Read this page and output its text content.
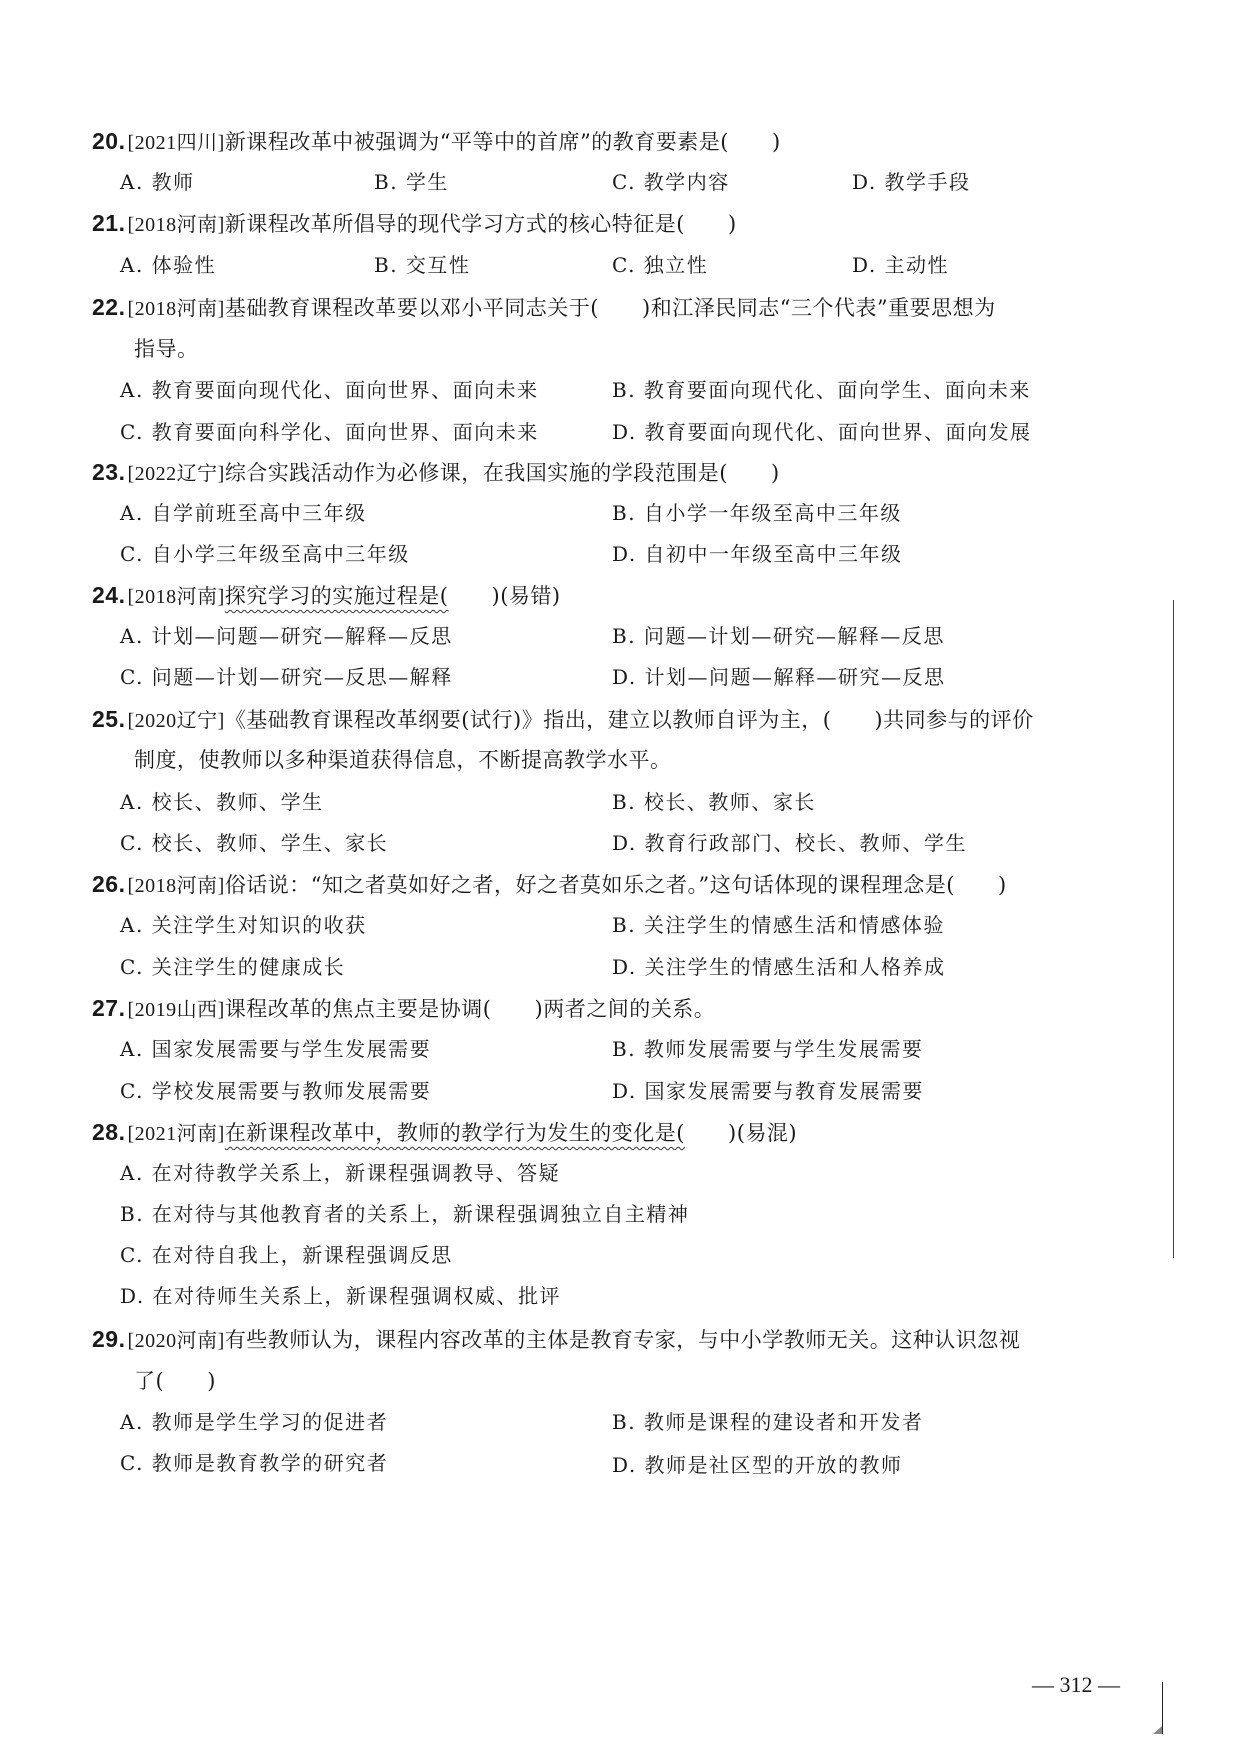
20. [2021四川]新课程改革中被强调为“平等中的首席”的教育要素是(　　)
A. 教师	B. 学生	C. 教学内容	D. 教学手段
21. [2018河南]新课程改革所倡导的现代学习方式的核心特征是(　　)
A. 体验性	B. 交互性	C. 独立性	D. 主动性
22. [2018河南]基础教育课程改革要以邓小平同志关于(　　)和江泽民同志“三个代表”重要思想为
指导。
A. 教育要面向现代化、面向世界、面向未来	B. 教育要面向现代化、面向学生、面向未来
C. 教育要面向科学化、面向世界、面向未来	D. 教育要面向现代化、面向世界、面向发展
23. [2022辽宁]综合实践活动作为必修课，在我国实施的学段范围是(　　)
A. 自学前班至高中三年级	B. 自小学一年级至高中三年级
C. 自小学三年级至高中三年级	D. 自初中一年级至高中三年级
24. [2018河南]探究学习的实施过程是(　　)(易错)
A. 计划—问题—研究—解释—反思	B. 问题—计划—研究—解释—反思
C. 问题—计划—研究—反思—解释	D. 计划—问题—解释—研究—反思
25. [2020辽宁]《基础教育课程改革纲要(试行)》指出，建立以教师自评为主，(　　)共同参与的评价
制度，使教师以多种渠道获得信息，不断提高教学水平。
A. 校长、教师、学生	B. 校长、教师、家长
C. 校长、教师、学生、家长	D. 教育行政部门、校长、教师、学生
26. [2018河南]俗话说：“知之者莫如好之者，好之者莫如乐之者。”这句话体现的课程理念是(　　)
A. 关注学生对知识的收获	B. 关注学生的情感生活和情感体验
C. 关注学生的健康成长	D. 关注学生的情感生活和人格养成
27. [2019山西]课程改革的焦点主要是协调(　　)两者之间的关系。
A. 国家发展需要与学生发展需要	B. 教师发展需要与学生发展需要
C. 学校发展需要与教师发展需要	D. 国家发展需要与教育发展需要
28. [2021河南]在新课程改革中，教师的教学行为发生的变化是(　　)(易混)
A. 在对待教学关系上，新课程强调教导、答疑
B. 在对待与其他教育者的关系上，新课程强调独立自主精神
C. 在对待自我上，新课程强调反思
D. 在对待师生关系上，新课程强调权威、批评
29. [2020河南]有些教师认为，课程内容改革的主体是教育专家，与中小学教师无关。这种认识忽视
了(　　)
A. 教师是学生学习的促进者	B. 教师是课程的建设者和开发者
C. 教师是教育教学的研究者	D. 教师是社区型的开放的教师
— 312 —
